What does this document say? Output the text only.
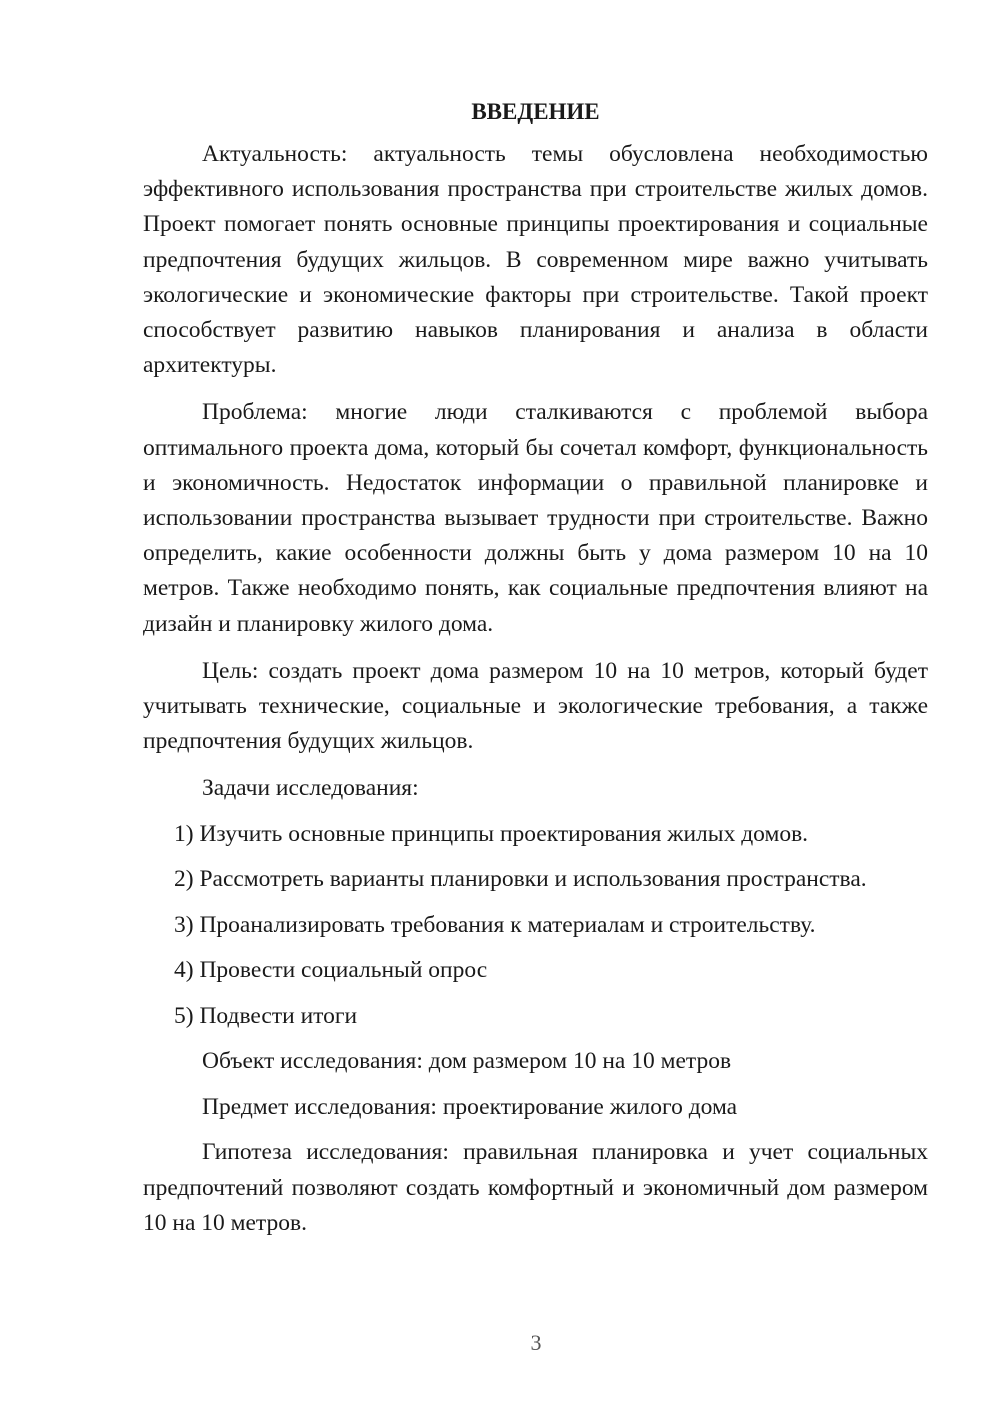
ВВЕДЕНИЕ

Актуальность: актуальность темы обусловлена необходимостью эффективного использования пространства при строительстве жилых домов. Проект помогает понять основные принципы проектирования и социальные предпочтения будущих жильцов. В современном мире важно учитывать экологические и экономические факторы при строительстве. Такой проект способствует развитию навыков планирования и анализа в области архитектуры.

Проблема: многие люди сталкиваются с проблемой выбора оптимального проекта дома, который бы сочетал комфорт, функциональность и экономичность. Недостаток информации о правильной планировке и использовании пространства вызывает трудности при строительстве. Важно определить, какие особенности должны быть у дома размером 10 на 10 метров. Также необходимо понять, как социальные предпочтения влияют на дизайн и планировку жилого дома.

Цель: создать проект дома размером 10 на 10 метров, который будет учитывать технические, социальные и экологические требования, а также предпочтения будущих жильцов.

Задачи исследования:
1) Изучить основные принципы проектирования жилых домов.
2) Рассмотреть варианты планировки и использования пространства.
3) Проанализировать требования к материалам и строительству.
4) Провести социальный опрос
5) Подвести итоги
Объект исследования: дом размером 10 на 10 метров
Предмет исследования: проектирование жилого дома

Гипотеза исследования: правильная планировка и учет социальных предпочтений позволяют создать комфортный и экономичный дом размером 10 на 10 метров.

3
